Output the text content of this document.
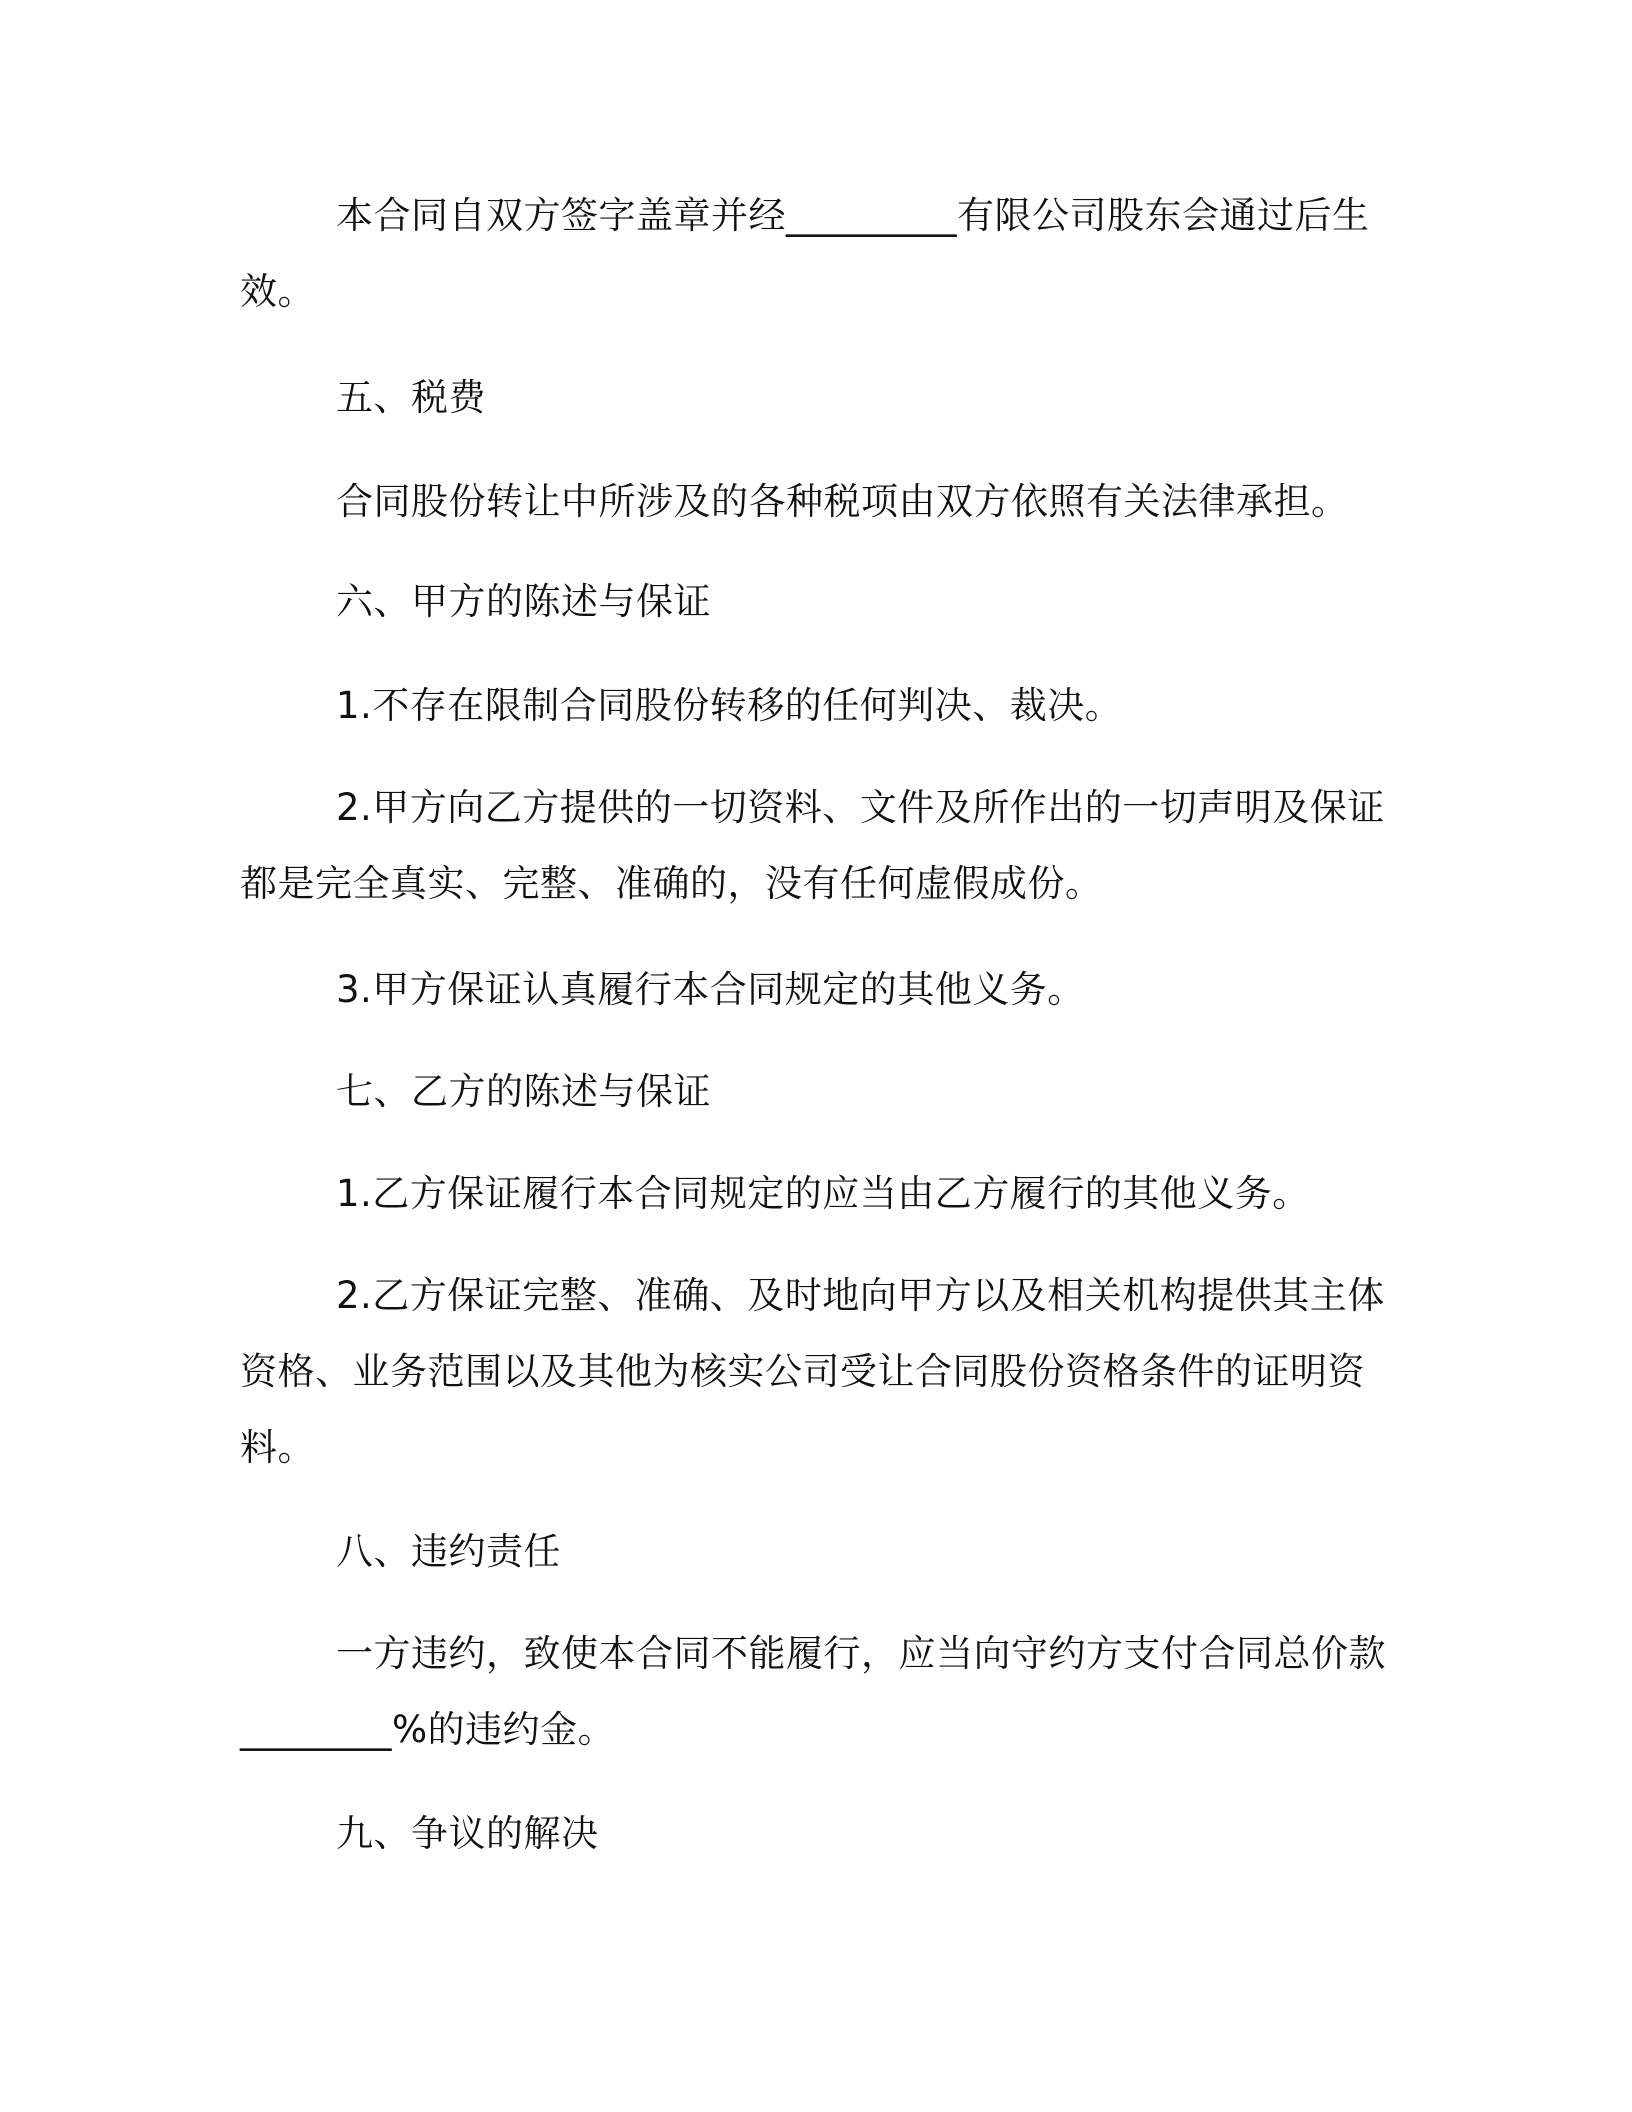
本合同自双方签字盖章并经_________有限公司股东会通过后生效。

五、税费

合同股份转让中所涉及的各种税项由双方依照有关法律承担。

六、甲方的陈述与保证

1.不存在限制合同股份转移的任何判决、裁决。

2.甲方向乙方提供的一切资料、文件及所作出的一切声明及保证都是完全真实、完整、准确的，没有任何虚假成份。

3.甲方保证认真履行本合同规定的其他义务。

七、乙方的陈述与保证

1.乙方保证履行本合同规定的应当由乙方履行的其他义务。

2.乙方保证完整、准确、及时地向甲方以及相关机构提供其主体资格、业务范围以及其他为核实公司受让合同股份资格条件的证明资料。

八、违约责任

一方违约，致使本合同不能履行，应当向守约方支付合同总价款________%的违约金。

九、争议的解决
